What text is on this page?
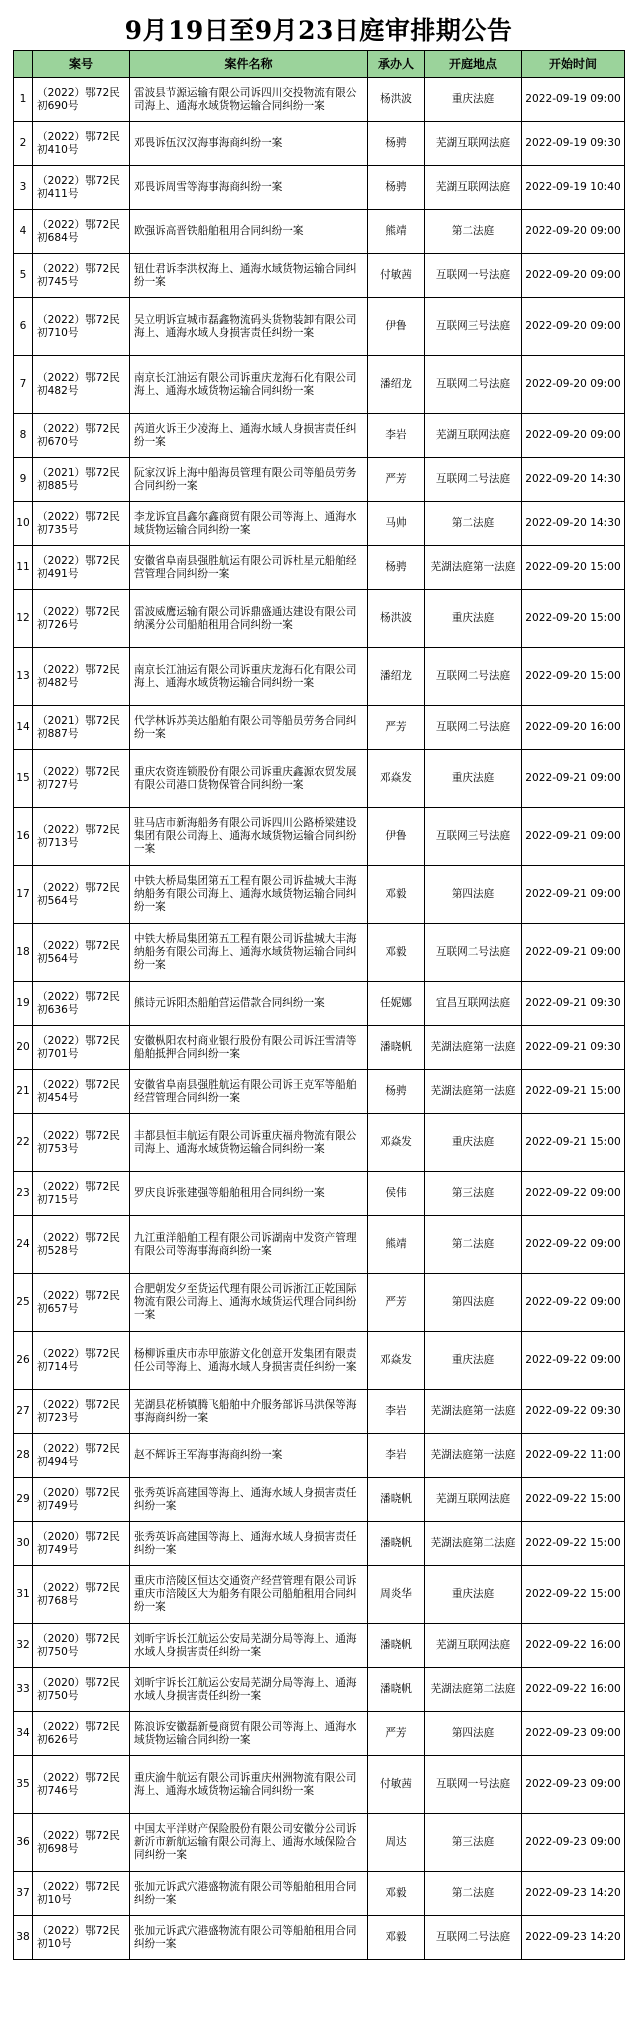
9月19日至9月23日庭审排期公告
	案号	案件名称	承办人	开庭地点	开始时间
1	（2022）鄂72民初690号	雷波县节源运输有限公司诉四川交投物流有限公司海上、通海水域货物运输合同纠纷一案	杨洪波	重庆法庭	2022-09-19 09:00
2	（2022）鄂72民初410号	邓畏诉伍汉汉海事海商纠纷一案	杨骋	芜湖互联网法庭	2022-09-19 09:30
3	（2022）鄂72民初411号	邓畏诉周雪等海事海商纠纷一案	杨骋	芜湖互联网法庭	2022-09-19 10:40
4	（2022）鄂72民初684号	欧强诉高晋铁船舶租用合同纠纷一案	熊靖	第二法庭	2022-09-20 09:00
5	（2022）鄂72民初745号	钮仕君诉李洪权海上、通海水域货物运输合同纠纷一案	付敏茜	互联网一号法庭	2022-09-20 09:00
6	（2022）鄂72民初710号	吴立明诉宣城市磊鑫物流码头货物装卸有限公司海上、通海水域人身损害责任纠纷一案	伊鲁	互联网三号法庭	2022-09-20 09:00
7	（2022）鄂72民初482号	南京长江油运有限公司诉重庆龙海石化有限公司海上、通海水域货物运输合同纠纷一案	潘绍龙	互联网二号法庭	2022-09-20 09:00
8	（2022）鄂72民初670号	芮道火诉王少凌海上、通海水域人身损害责任纠纷一案	李岩	芜湖互联网法庭	2022-09-20 09:00
9	（2021）鄂72民初885号	阮家汉诉上海中船海员管理有限公司等船员劳务合同纠纷一案	严芳	互联网二号法庭	2022-09-20 14:30
10	（2022）鄂72民初735号	李龙诉宜昌鑫尔鑫商贸有限公司等海上、通海水域货物运输合同纠纷一案	马帅	第二法庭	2022-09-20 14:30
11	（2022）鄂72民初491号	安徽省阜南县强胜航运有限公司诉杜星元船舶经营管理合同纠纷一案	杨骋	芜湖法庭第一法庭	2022-09-20 15:00
12	（2022）鄂72民初726号	雷波威鹰运输有限公司诉鼎盛通达建设有限公司纳溪分公司船舶租用合同纠纷一案	杨洪波	重庆法庭	2022-09-20 15:00
13	（2022）鄂72民初482号	南京长江油运有限公司诉重庆龙海石化有限公司海上、通海水域货物运输合同纠纷一案	潘绍龙	互联网二号法庭	2022-09-20 15:00
14	（2021）鄂72民初887号	代学林诉苏美达船舶有限公司等船员劳务合同纠纷一案	严芳	互联网二号法庭	2022-09-20 16:00
15	（2022）鄂72民初727号	重庆农资连锁股份有限公司诉重庆鑫源农贸发展有限公司港口货物保管合同纠纷一案	邓焱发	重庆法庭	2022-09-21 09:00
16	（2022）鄂72民初713号	驻马店市新海船务有限公司诉四川公路桥梁建设集团有限公司海上、通海水域货物运输合同纠纷一案	伊鲁	互联网三号法庭	2022-09-21 09:00
17	（2022）鄂72民初564号	中铁大桥局集团第五工程有限公司诉盐城大丰海纳船务有限公司海上、通海水域货物运输合同纠纷一案	邓毅	第四法庭	2022-09-21 09:00
18	（2022）鄂72民初564号	中铁大桥局集团第五工程有限公司诉盐城大丰海纳船务有限公司海上、通海水域货物运输合同纠纷一案	邓毅	互联网二号法庭	2022-09-21 09:00
19	（2022）鄂72民初636号	熊诗元诉阳杰船舶营运借款合同纠纷一案	任妮娜	宜昌互联网法庭	2022-09-21 09:30
20	（2022）鄂72民初701号	安徽枞阳农村商业银行股份有限公司诉汪雪清等船舶抵押合同纠纷一案	潘晓帆	芜湖法庭第一法庭	2022-09-21 09:30
21	（2022）鄂72民初454号	安徽省阜南县强胜航运有限公司诉王克军等船舶经营管理合同纠纷一案	杨骋	芜湖法庭第一法庭	2022-09-21 15:00
22	（2022）鄂72民初753号	丰都县恒丰航运有限公司诉重庆福舟物流有限公司海上、通海水域货物运输合同纠纷一案	邓焱发	重庆法庭	2022-09-21 15:00
23	（2022）鄂72民初715号	罗庆良诉张建强等船舶租用合同纠纷一案	侯伟	第三法庭	2022-09-22 09:00
24	（2022）鄂72民初528号	九江重洋船舶工程有限公司诉湖南中发资产管理有限公司等海事海商纠纷一案	熊靖	第二法庭	2022-09-22 09:00
25	（2022）鄂72民初657号	合肥朝发夕至货运代理有限公司诉浙江正乾国际物流有限公司海上、通海水域货运代理合同纠纷一案	严芳	第四法庭	2022-09-22 09:00
26	（2022）鄂72民初714号	杨柳诉重庆市赤甲旅游文化创意开发集团有限责任公司等海上、通海水域人身损害责任纠纷一案	邓焱发	重庆法庭	2022-09-22 09:00
27	（2022）鄂72民初723号	芜湖县花桥镇腾飞船舶中介服务部诉马洪保等海事海商纠纷一案	李岩	芜湖法庭第一法庭	2022-09-22 09:30
28	（2022）鄂72民初494号	赵不辉诉王军海事海商纠纷一案	李岩	芜湖法庭第一法庭	2022-09-22 11:00
29	（2020）鄂72民初749号	张秀英诉高建国等海上、通海水域人身损害责任纠纷一案	潘晓帆	芜湖互联网法庭	2022-09-22 15:00
30	（2020）鄂72民初749号	张秀英诉高建国等海上、通海水域人身损害责任纠纷一案	潘晓帆	芜湖法庭第二法庭	2022-09-22 15:00
31	（2022）鄂72民初768号	重庆市涪陵区恒达交通资产经营管理有限公司诉重庆市涪陵区大为船务有限公司船舶租用合同纠纷一案	周炎华	重庆法庭	2022-09-22 15:00
32	（2020）鄂72民初750号	刘昕宇诉长江航运公安局芜湖分局等海上、通海水域人身损害责任纠纷一案	潘晓帆	芜湖互联网法庭	2022-09-22 16:00
33	（2020）鄂72民初750号	刘昕宇诉长江航运公安局芜湖分局等海上、通海水域人身损害责任纠纷一案	潘晓帆	芜湖法庭第二法庭	2022-09-22 16:00
34	（2022）鄂72民初626号	陈浪诉安徽磊新曼商贸有限公司等海上、通海水域货物运输合同纠纷一案	严芳	第四法庭	2022-09-23 09:00
35	（2022）鄂72民初746号	重庆渝牛航运有限公司诉重庆州洲物流有限公司海上、通海水域货物运输合同纠纷一案	付敏茜	互联网一号法庭	2022-09-23 09:00
36	（2022）鄂72民初698号	中国太平洋财产保险股份有限公司安徽分公司诉新沂市新航运输有限公司海上、通海水域保险合同纠纷一案	周达	第三法庭	2022-09-23 09:00
37	（2022）鄂72民初10号	张加元诉武穴港盛物流有限公司等船舶租用合同纠纷一案	邓毅	第二法庭	2022-09-23 14:20
38	（2022）鄂72民初10号	张加元诉武穴港盛物流有限公司等船舶租用合同纠纷一案	邓毅	互联网二号法庭	2022-09-23 14:20
